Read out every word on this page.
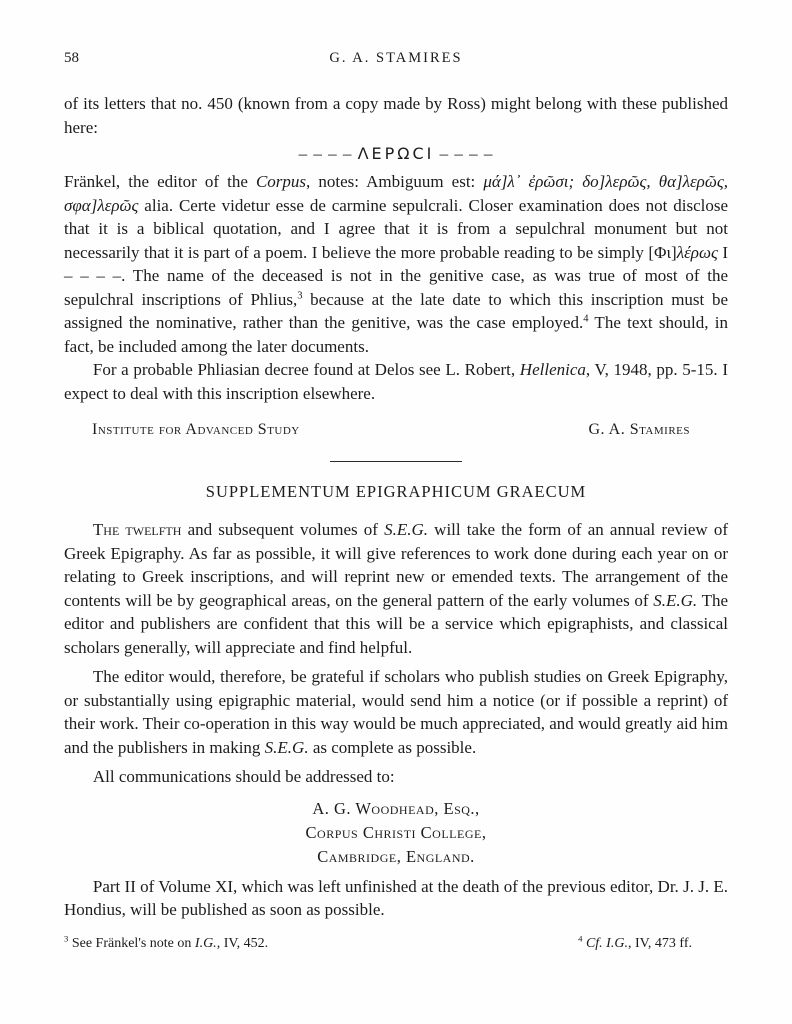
58	G. A. STAMIRES

of its letters that no. 450 (known from a copy made by Ross) might belong with these published here:

– – – – ΛΕΡΩCΙ – – – –

Fränkel, the editor of the Corpus, notes: Ambiguum est: μά]λ᾽ ἐρῶσι; δο]λερῶς, θα]λερῶς, σφα]λερῶς alia. Certe videtur esse de carmine sepulcrali. Closer examination does not disclose that it is a biblical quotation, and I agree that it is from a sepulchral monument but not necessarily that it is part of a poem. I believe the more probable reading to be simply [Φι]λέρως I – – – –. The name of the deceased is not in the genitive case, as was true of most of the sepulchral inscriptions of Phlius,$^3$ because at the late date to which this inscription must be assigned the nominative, rather than the genitive, was the case employed.$^4$ The text should, in fact, be included among the later documents.

For a probable Phliasian decree found at Delos see L. Robert, Hellenica, V, 1948, pp. 5-15. I expect to deal with this inscription elsewhere.

Institute for Advanced Study	G. A. Stamires
SUPPLEMENTUM EPIGRAPHICUM GRAECUM

The twelfth and subsequent volumes of S.E.G. will take the form of an annual review of Greek Epigraphy. As far as possible, it will give references to work done during each year on or relating to Greek inscriptions, and will reprint new or emended texts. The arrangement of the contents will be by geographical areas, on the general pattern of the early volumes of S.E.G. The editor and publishers are confident that this will be a service which epigraphists, and classical scholars generally, will appreciate and find helpful.

The editor would, therefore, be grateful if scholars who publish studies on Greek Epigraphy, or substantially using epigraphic material, would send him a notice (or if possible a reprint) of their work. Their co-operation in this way would be much appreciated, and would greatly aid him and the publishers in making S.E.G. as complete as possible.

All communications should be addressed to:

A. G. Woodhead, Esq.,
Corpus Christi College,
Cambridge, England.

Part II of Volume XI, which was left unfinished at the death of the previous editor, Dr. J. J. E. Hondius, will be published as soon as possible.

$^3$ See Fränkel's note on I.G., IV, 452.	$^4$ Cf. I.G., IV, 473 ff.
